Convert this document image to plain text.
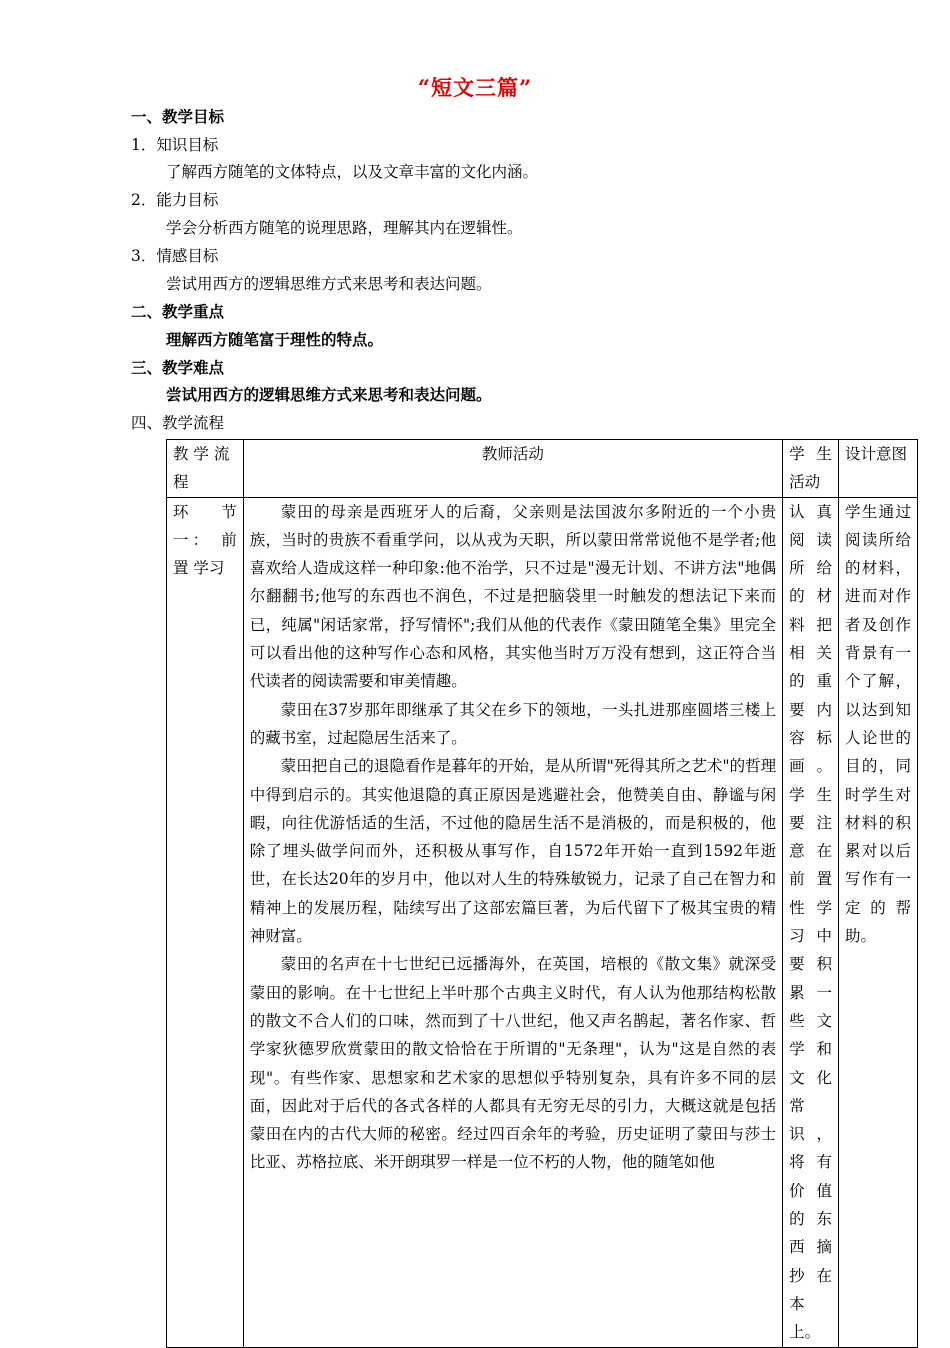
“短文三篇”
一、教学目标
1．知识目标
了解西方随笔的文体特点，以及文章丰富的文化内涵。
2．能力目标
学会分析西方随笔的说理思路，理解其内在逻辑性。
3．情感目标
尝试用西方的逻辑思维方式来思考和表达问题。
二、教学重点
理解西方随笔富于理性的特点。
三、教学难点
尝试用西方的逻辑思维方式来思考和表达问题。
四、教学流程
教 学 流 程	教师活动	学生活动	设计意图
环 节 一： 前置 学习	蒙田的母亲是西班牙人的后裔，父亲则是法国波尔多附近的一个小贵族，当时的贵族不看重学问，以从戎为天职，所以蒙田常常说他不是学者;他喜欢给人造成这样一种印象:他不治学，只不过是"漫无计划、不讲方法"地偶尔翻翻书;他写的东西也不润色，不过是把脑袋里一时触发的想法记下来而已，纯属"闲话家常，抒写情怀";我们从他的代表作《蒙田随笔全集》里完全可以看出他的这种写作心态和风格，其实他当时万万没有想到，这正符合当代读者的阅读需要和审美情趣。

蒙田在37岁那年即继承了其父在乡下的领地，一头扎进那座圆塔三楼上的藏书室，过起隐居生活来了。

蒙田把自己的退隐看作是暮年的开始，是从所谓"死得其所之艺术"的哲理中得到启示的。其实他退隐的真正原因是逃避社会，他赞美自由、静谧与闲暇，向往优游恬适的生活，不过他的隐居生活不是消极的，而是积极的，他除了埋头做学问而外，还积极从事写作，自1572年开始一直到1592年逝世，在长达20年的岁月中，他以对人生的特殊敏锐力，记录了自己在智力和精神上的发展历程，陆续写出了这部宏篇巨著，为后代留下了极其宝贵的精神财富。

蒙田的名声在十七世纪已远播海外，在英国，培根的《散文集》就深受蒙田的影响。在十七世纪上半叶那个古典主义时代，有人认为他那结构松散的散文不合人们的口味，然而到了十八世纪，他又声名鹊起，著名作家、哲学家狄德罗欣赏蒙田的散文恰恰在于所谓的"无条理"，认为"这是自然的表现"。有些作家、思想家和艺术家的思想似乎特别复杂，具有许多不同的层面，因此对于后代的各式各样的人都具有无穷无尽的引力，大概这就是包括蒙田在内的古代大师的秘密。经过四百余年的考验，历史证明了蒙田与莎士比亚、苏格拉底、米开朗琪罗一样是一位不朽的人物，他的随笔如他	认真阅读所给的材料把相关的重要内容标画。学生要注意在前置性学习中要积累一些文学和文化常识，将有价值的东西摘抄在本上。	学生通过阅读所给的材料，进而对作者及创作背景有一个了解，以达到知人论世的目的，同时学生对材料的积累对以后写作有一定的帮助。
